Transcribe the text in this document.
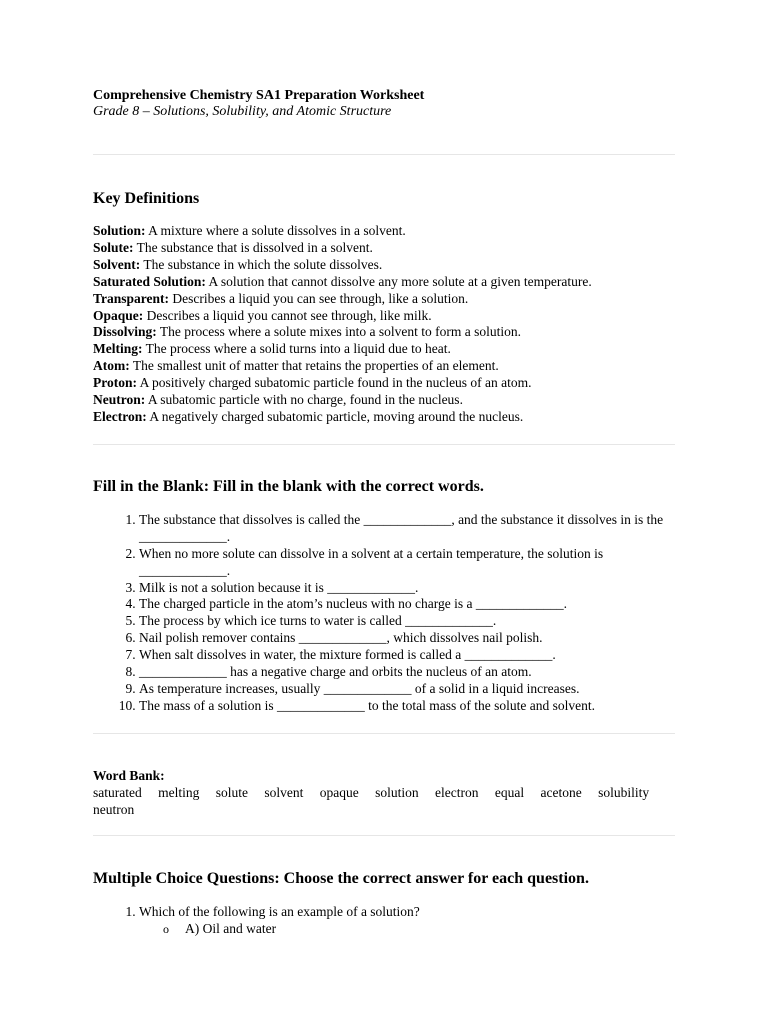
Comprehensive Chemistry SA1 Preparation Worksheet
Grade 8 – Solutions, Solubility, and Atomic Structure
Key Definitions
Solution: A mixture where a solute dissolves in a solvent.
Solute: The substance that is dissolved in a solvent.
Solvent: The substance in which the solute dissolves.
Saturated Solution: A solution that cannot dissolve any more solute at a given temperature.
Transparent: Describes a liquid you can see through, like a solution.
Opaque: Describes a liquid you cannot see through, like milk.
Dissolving: The process where a solute mixes into a solvent to form a solution.
Melting: The process where a solid turns into a liquid due to heat.
Atom: The smallest unit of matter that retains the properties of an element.
Proton: A positively charged subatomic particle found in the nucleus of an atom.
Neutron: A subatomic particle with no charge, found in the nucleus.
Electron: A negatively charged subatomic particle, moving around the nucleus.
Fill in the Blank: Fill in the blank with the correct words.
1. The substance that dissolves is called the _____________, and the substance it dissolves in is the _____________.
2. When no more solute can dissolve in a solvent at a certain temperature, the solution is _____________.
3. Milk is not a solution because it is _____________.
4. The charged particle in the atom’s nucleus with no charge is a _____________.
5. The process by which ice turns to water is called _____________.
6. Nail polish remover contains _____________, which dissolves nail polish.
7. When salt dissolves in water, the mixture formed is called a _____________.
8. _____________ has a negative charge and orbits the nucleus of an atom.
9. As temperature increases, usually _____________ of a solid in a liquid increases.
10. The mass of a solution is _____________ to the total mass of the solute and solvent.
Word Bank:
saturated melting solute solvent opaque solution electron equal acetone solubility neutron
Multiple Choice Questions: Choose the correct answer for each question.
1. Which of the following is an example of a solution?
o A) Oil and water
